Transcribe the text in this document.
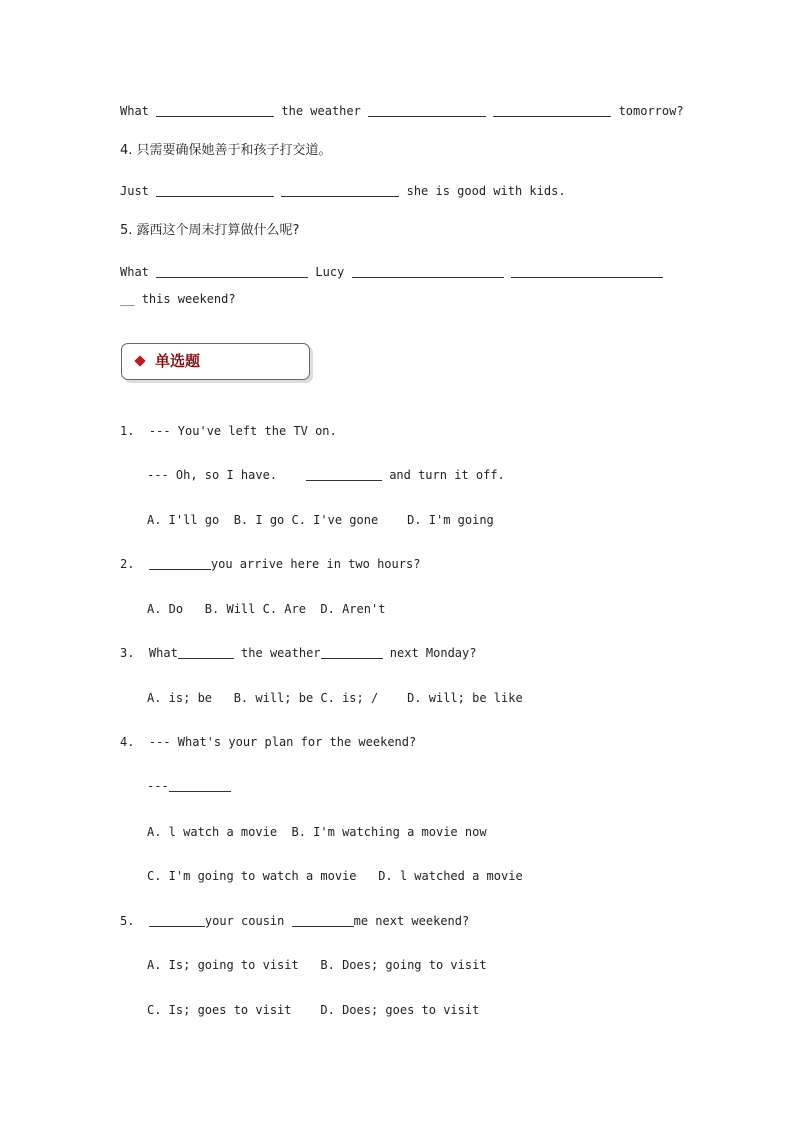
What	the weather	tomorrow?
4. 只需要确保她善于和孩子打交道。
Just	she is good with kids.
5. 露西这个周末打算做什么呢?
What	Lucy
__ this weekend?
单选题
1. --- You've left the TV on.
--- Oh, so I have.	and turn it off.
A. I'll go  B. I go C. I've gone    D. I'm going
2.	you arrive here in two hours?
A. Do   B. Will C. Are  D. Aren't
3. What	the weather	next Monday?
A. is; be   B. will; be C. is; /    D. will; be like
4. --- What's your plan for the weekend?
---
A. l watch a movie  B. I'm watching a movie now
C. I'm going to watch a movie   D. l watched a movie
5.	your cousin	me next weekend?
A. Is; going to visit   B. Does; going to visit
C. Is; goes to visit    D. Does; goes to visit
